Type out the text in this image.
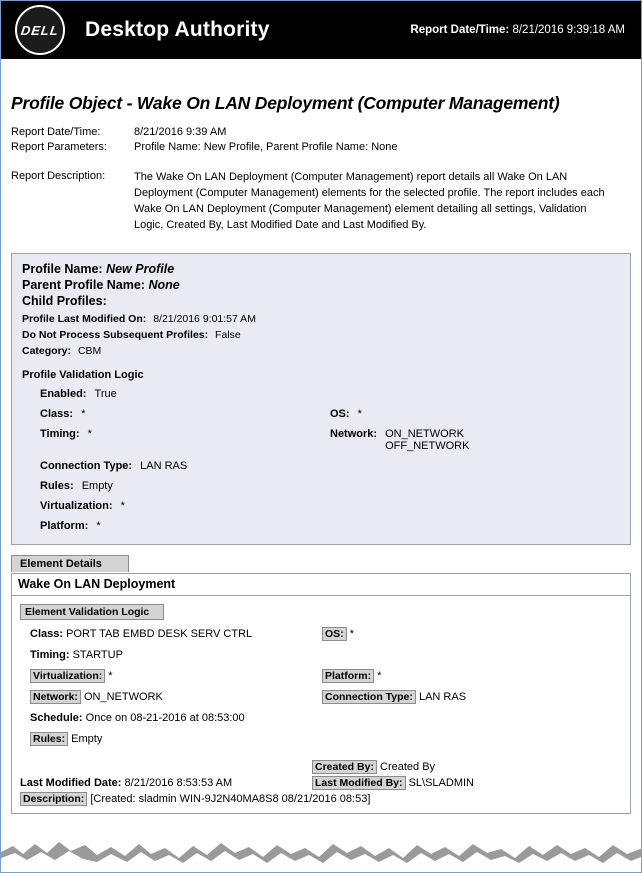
DELL Desktop Authority	Report Date/Time: 8/21/2016 9:39:18 AM
Profile Object - Wake On LAN Deployment (Computer Management)
Report Date/Time:	8/21/2016 9:39 AM
Report Parameters:	Profile Name: New Profile, Parent Profile Name: None
Report Description:	The Wake On LAN Deployment (Computer Management) report details all Wake On LAN Deployment (Computer Management) elements for the selected profile. The report includes each Wake On LAN Deployment (Computer Management) element detailing all settings, Validation Logic, Created By, Last Modified Date and Last Modified By.
Profile Name: New Profile
Parent Profile Name: None
Child Profiles:
Profile Last Modified On: 8/21/2016 9:01:57 AM
Do Not Process Subsequent Profiles: False
Category: CBM
Profile Validation Logic
Enabled: True
Class: *	OS: *
Timing: *	Network: ON_NETWORK
OFF_NETWORK
Connection Type: LAN RAS
Rules: Empty
Virtualization: *
Platform: *
Element Details
Wake On LAN Deployment
Element Validation Logic
Class: PORT TAB EMBD DESK SERV CTRL	OS: *
Timing: STARTUP
Virtualization: *	Platform: *
Network: ON_NETWORK	Connection Type: LAN RAS
Schedule: Once on 08-21-2016 at 08:53:00
Rules: Empty
Created By: Created By
Last Modified Date: 8/21/2016 8:53:53 AM	Last Modified By: SL\SLADMIN
Description: [Created: sladmin WIN-9J2N40MA8S8 08/21/2016 08:53]
